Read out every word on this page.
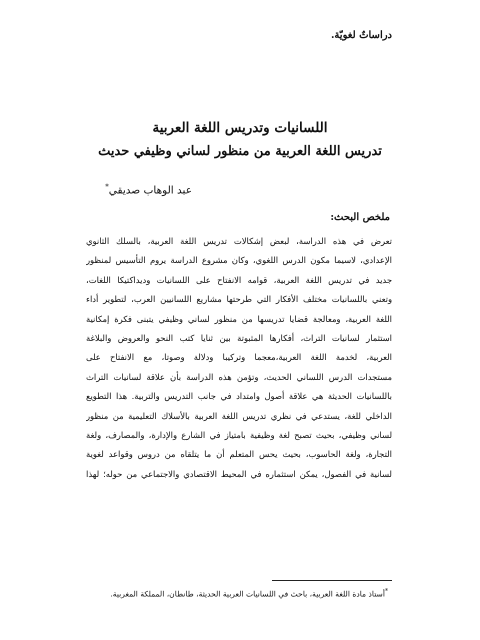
دراساتٌ لغويّة.
اللسانيات وتدريس اللغة العربية
تدريس اللغة العربية من منظور لساني وظيفي حديث
عبد الوهاب صديقي*
ملخص البحث:
تعرض في هذه الدراسة، لبعض إشكالات تدريس اللغة العربية، بالسلك الثانوي
الإعدادي، لاسيما مكون الدرس اللغوي، وكان مشروع الدراسة يروم التأسيس لمنظور
جديد في تدريس اللغة العربية، قوامه الانفتاح على اللسانيات وديداكتيكا اللغات،
وتعني باللسانيات مختلف الأفكار التي طرحتها مشاريع اللسانيين العرب، لتطوير أداء
اللغة العربية، ومعالجة قضايا تدريسها من منظور لساني وظيفي يتبنى فكرة إمكانية
استثمار لسانيات التراث، أفكارها المثبوتة بين ثنايا كتب النحو والعروض والبلاغة
العربية، لخدمة اللغة العربية،معجما وتركيبا ودلالة وصوتا، مع الانفتاح على
مستجدات الدرس اللساني الحديث، وتؤمن هذه الدراسة بأن علاقة لسانيات التراث
باللسانيات الحديثة هي علاقة أصول وامتداد في جانب التدريس والتربية. هذا التطويع
الداخلي للغة، يستدعي في نظري تدريس اللغة العربية بالأسلاك التعليمية من منظور
لساني وظيفي، بحيث تصبح لغة وظيفية بامتياز في الشارع والإدارة، والمصارف، ولغة
التجارة، ولغة الحاسوب، بحيث يحس المتعلم أن ما يتلقاه من دروس وقواعد لغوية
لسانية في الفصول، يمكن استثماره في المحيط الاقتصادي والاجتماعي من حوله؛ لهذا
*أستاذ مادة اللغة العربية، باحث في اللسانيات العربية الحديثة، طانطان، المملكة المغربية.
